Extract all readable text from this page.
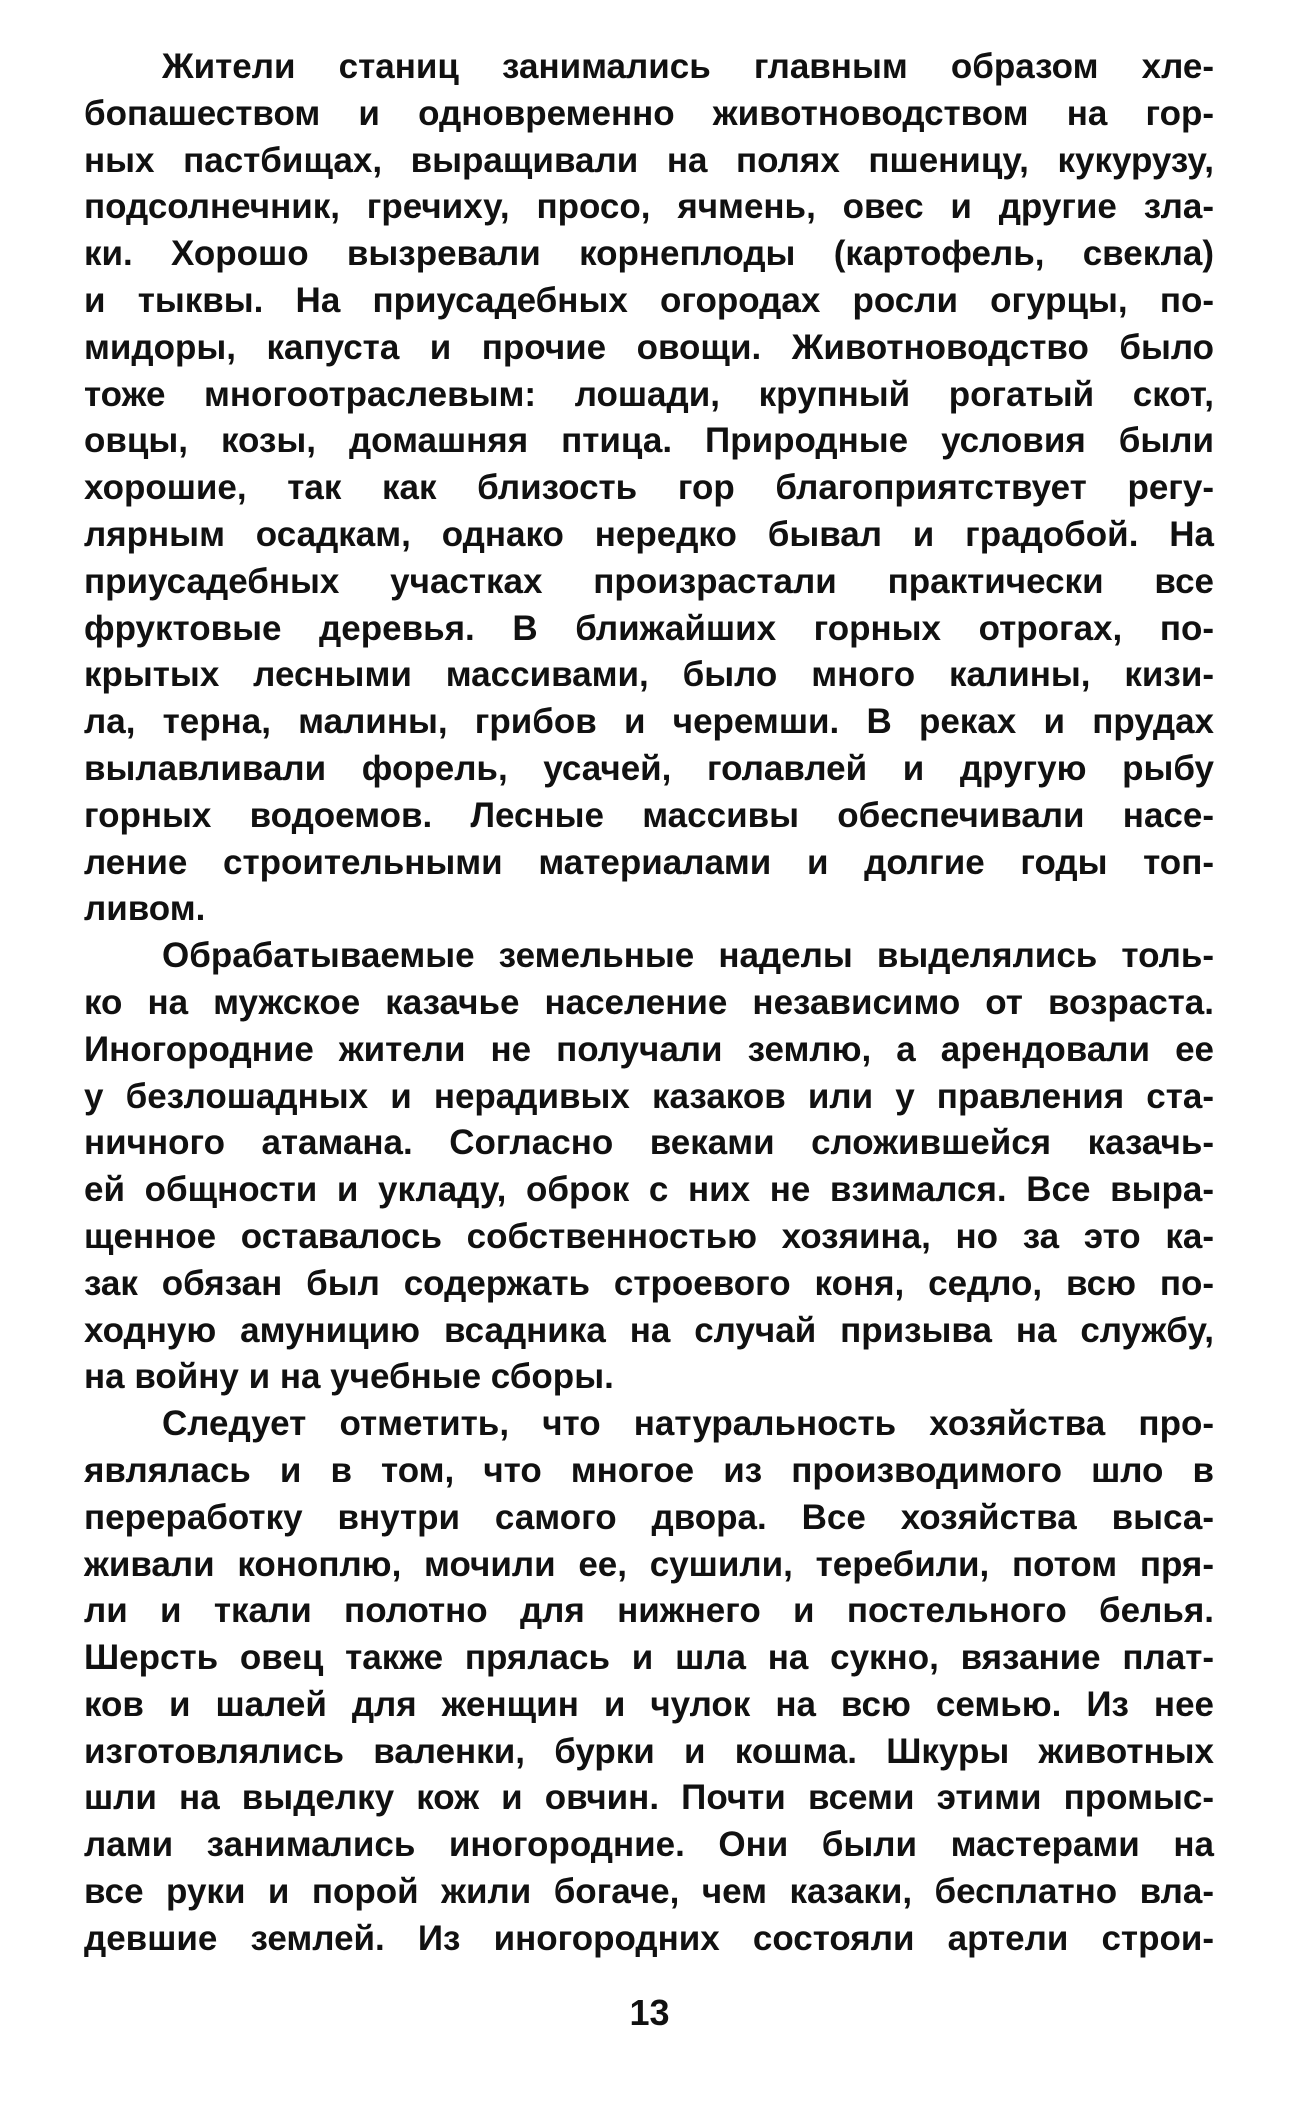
Жители станиц занимались главным образом хле-
бопашеством и одновременно животноводством на гор-
ных пастбищах, выращивали на полях пшеницу, кукурузу,
подсолнечник, гречиху, просо, ячмень, овес и другие зла-
ки. Хорошо вызревали корнеплоды (картофель, свекла)
и тыквы. На приусадебных огородах росли огурцы, по-
мидоры, капуста и прочие овощи. Животноводство было
тоже многоотраслевым: лошади, крупный рогатый скот,
овцы, козы, домашняя птица. Природные условия были
хорошие, так как близость гор благоприятствует регу-
лярным осадкам, однако нередко бывал и градобой. На
приусадебных участках произрастали практически все
фруктовые деревья. В ближайших горных отрогах, по-
крытых лесными массивами, было много калины, кизи-
ла, терна, малины, грибов и черемши. В реках и прудах
вылавливали форель, усачей, голавлей и другую рыбу
горных водоемов. Лесные массивы обеспечивали насе-
ление строительными материалами и долгие годы топ-
ливом.
Обрабатываемые земельные наделы выделялись толь-
ко на мужское казачье население независимо от возраста.
Иногородние жители не получали землю, а арендовали ее
у безлошадных и нерадивых казаков или у правления ста-
ничного атамана. Согласно веками сложившейся казачь-
ей общности и укладу, оброк с них не взимался. Все выра-
щенное оставалось собственностью хозяина, но за это ка-
зак обязан был содержать строевого коня, седло, всю по-
ходную амуницию всадника на случай призыва на службу,
на войну и на учебные сборы.
Следует отметить, что натуральность хозяйства про-
являлась и в том, что многое из производимого шло в
переработку внутри самого двора. Все хозяйства выса-
живали коноплю, мочили ее, сушили, теребили, потом пря-
ли и ткали полотно для нижнего и постельного белья.
Шерсть овец также прялась и шла на сукно, вязание плат-
ков и шалей для женщин и чулок на всю семью. Из нее
изготовлялись валенки, бурки и кошма. Шкуры животных
шли на выделку кож и овчин. Почти всеми этими промыс-
лами занимались иногородние. Они были мастерами на
все руки и порой жили богаче, чем казаки, бесплатно вла-
девшие землей. Из иногородних состояли артели строи-
13
